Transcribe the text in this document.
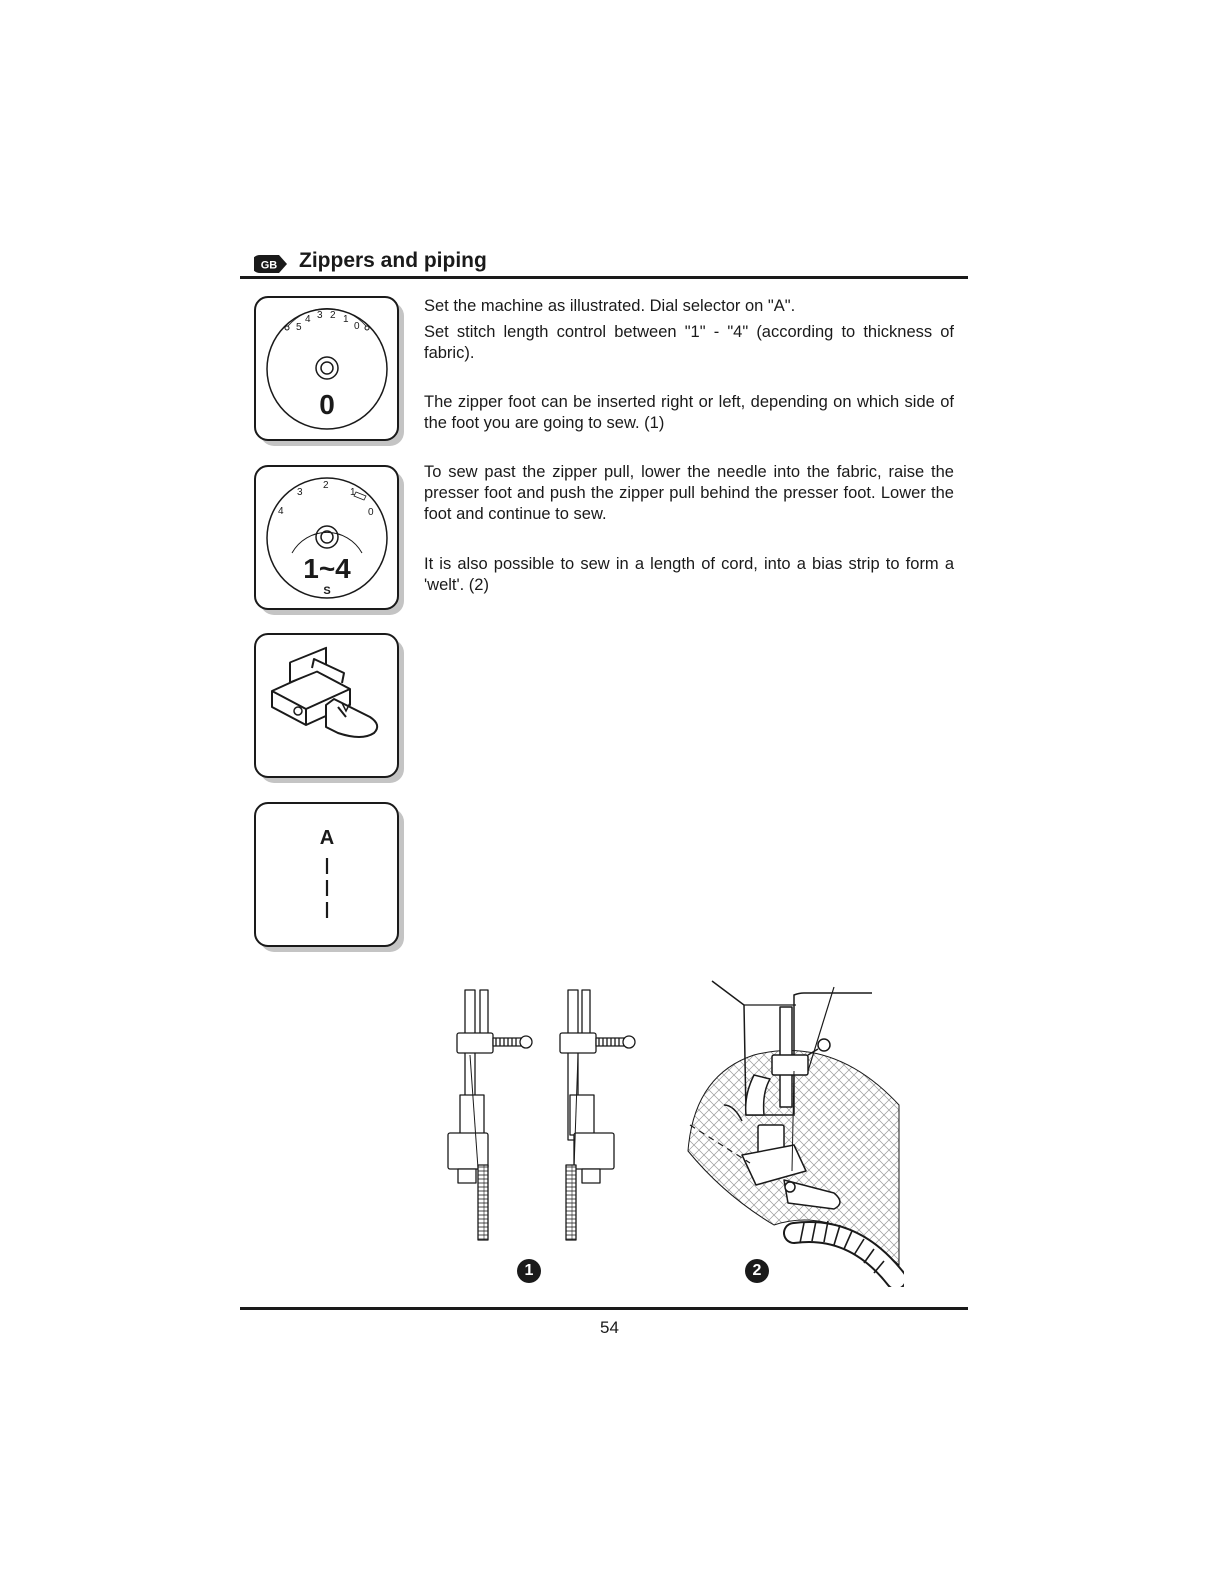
GB Zippers and piping
5
4 3 2 1
0
0
4
3
2
1
0
1~4
S
A
Set the machine as illustrated. Dial selector on "A".
Set stitch length control between "1" - "4" (according to thickness of fabric).
The zipper foot can be inserted right or left, depending on which side of the foot you are going to sew. (1)
To sew past the zipper pull, lower the needle into the fabric, raise the presser foot and push the zipper pull behind the presser foot. Lower the foot and continue to sew.
It is also possible to sew in a length of cord, into a bias strip to form a 'welt'. (2)
1	2
54
